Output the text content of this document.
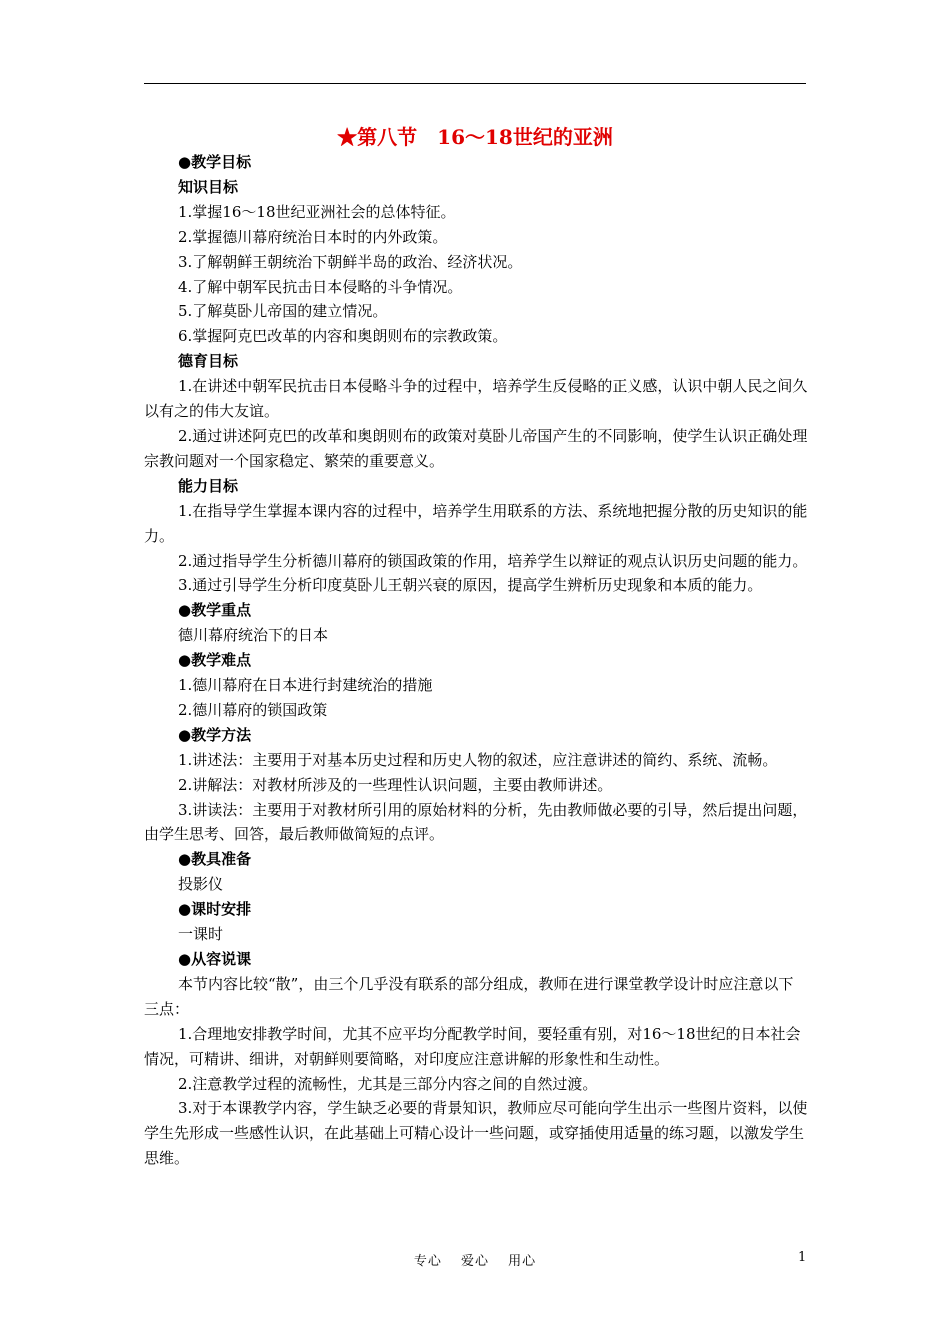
★第八节　16～18世纪的亚洲

●教学目标

知识目标

1.掌握16～18世纪亚洲社会的总体特征。

2.掌握德川幕府统治日本时的内外政策。

3.了解朝鲜王朝统治下朝鲜半岛的政治、经济状况。

4.了解中朝军民抗击日本侵略的斗争情况。

5.了解莫卧儿帝国的建立情况。

6.掌握阿克巴改革的内容和奥朗则布的宗教政策。

德育目标

1.在讲述中朝军民抗击日本侵略斗争的过程中，培养学生反侵略的正义感，认识中朝人民之间久以有之的伟大友谊。

2.通过讲述阿克巴的改革和奥朗则布的政策对莫卧儿帝国产生的不同影响，使学生认识正确处理宗教问题对一个国家稳定、繁荣的重要意义。

能力目标

1.在指导学生掌握本课内容的过程中，培养学生用联系的方法、系统地把握分散的历史知识的能力。

2.通过指导学生分析德川幕府的锁国政策的作用，培养学生以辩证的观点认识历史问题的能力。

3.通过引导学生分析印度莫卧儿王朝兴衰的原因，提高学生辨析历史现象和本质的能力。

●教学重点

德川幕府统治下的日本

●教学难点

1.德川幕府在日本进行封建统治的措施

2.德川幕府的锁国政策

●教学方法

1.讲述法：主要用于对基本历史过程和历史人物的叙述，应注意讲述的简约、系统、流畅。

2.讲解法：对教材所涉及的一些理性认识问题，主要由教师讲述。

3.讲读法：主要用于对教材所引用的原始材料的分析，先由教师做必要的引导，然后提出问题，由学生思考、回答，最后教师做简短的点评。

●教具准备

投影仪

●课时安排

一课时

●从容说课

本节内容比较“散”，由三个几乎没有联系的部分组成，教师在进行课堂教学设计时应注意以下三点：

1.合理地安排教学时间，尤其不应平均分配教学时间，要轻重有别，对16～18世纪的日本社会情况，可精讲、细讲，对朝鲜则要简略，对印度应注意讲解的形象性和生动性。

2.注意教学过程的流畅性，尤其是三部分内容之间的自然过渡。

3.对于本课教学内容，学生缺乏必要的背景知识，教师应尽可能向学生出示一些图片资料，以使学生先形成一些感性认识，在此基础上可精心设计一些问题，或穿插使用适量的练习题，以激发学生思维。

专心　 爱心　 用心	1
